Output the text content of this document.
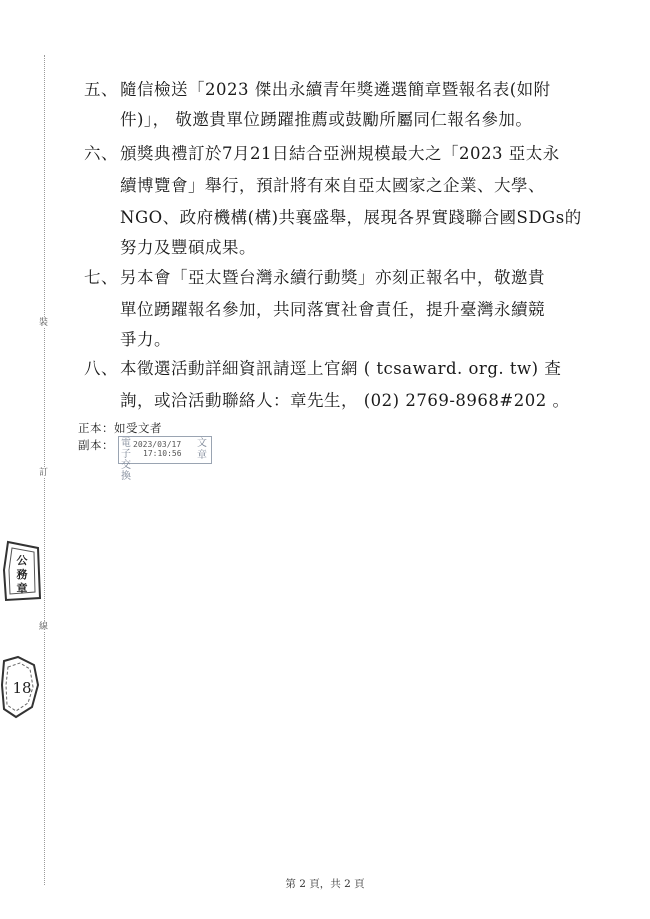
裝
訂
線
五、 隨信檢送「2023 傑出永續青年獎遴選簡章暨報名表(如附
件)」， 敬邀貴單位踴躍推薦或鼓勵所屬同仁報名參加。
六、 頒獎典禮訂於7月21日結合亞洲規模最大之「2023 亞太永
續博覽會」舉行，預計將有來自亞太國家之企業、大學、
NGO、政府機構(構)共襄盛舉，展現各界實踐聯合國SDGs的
努力及豐碩成果。
七、 另本會「亞太暨台灣永續行動獎」亦刻正報名中，敬邀貴
單位踴躍報名參加，共同落實社會責任，提升臺灣永續競
爭力。
八、 本徵選活動詳細資訊請逕上官網 ( tcsaward. org. tw) 查
詢，或洽活動聯絡人：章先生， (02) 2769-8968#202 。
正本：如受文者
副本： 電子交換
2023/03/17
17:10:56
文章
公
務
章
18
第 2 頁，共 2 頁
